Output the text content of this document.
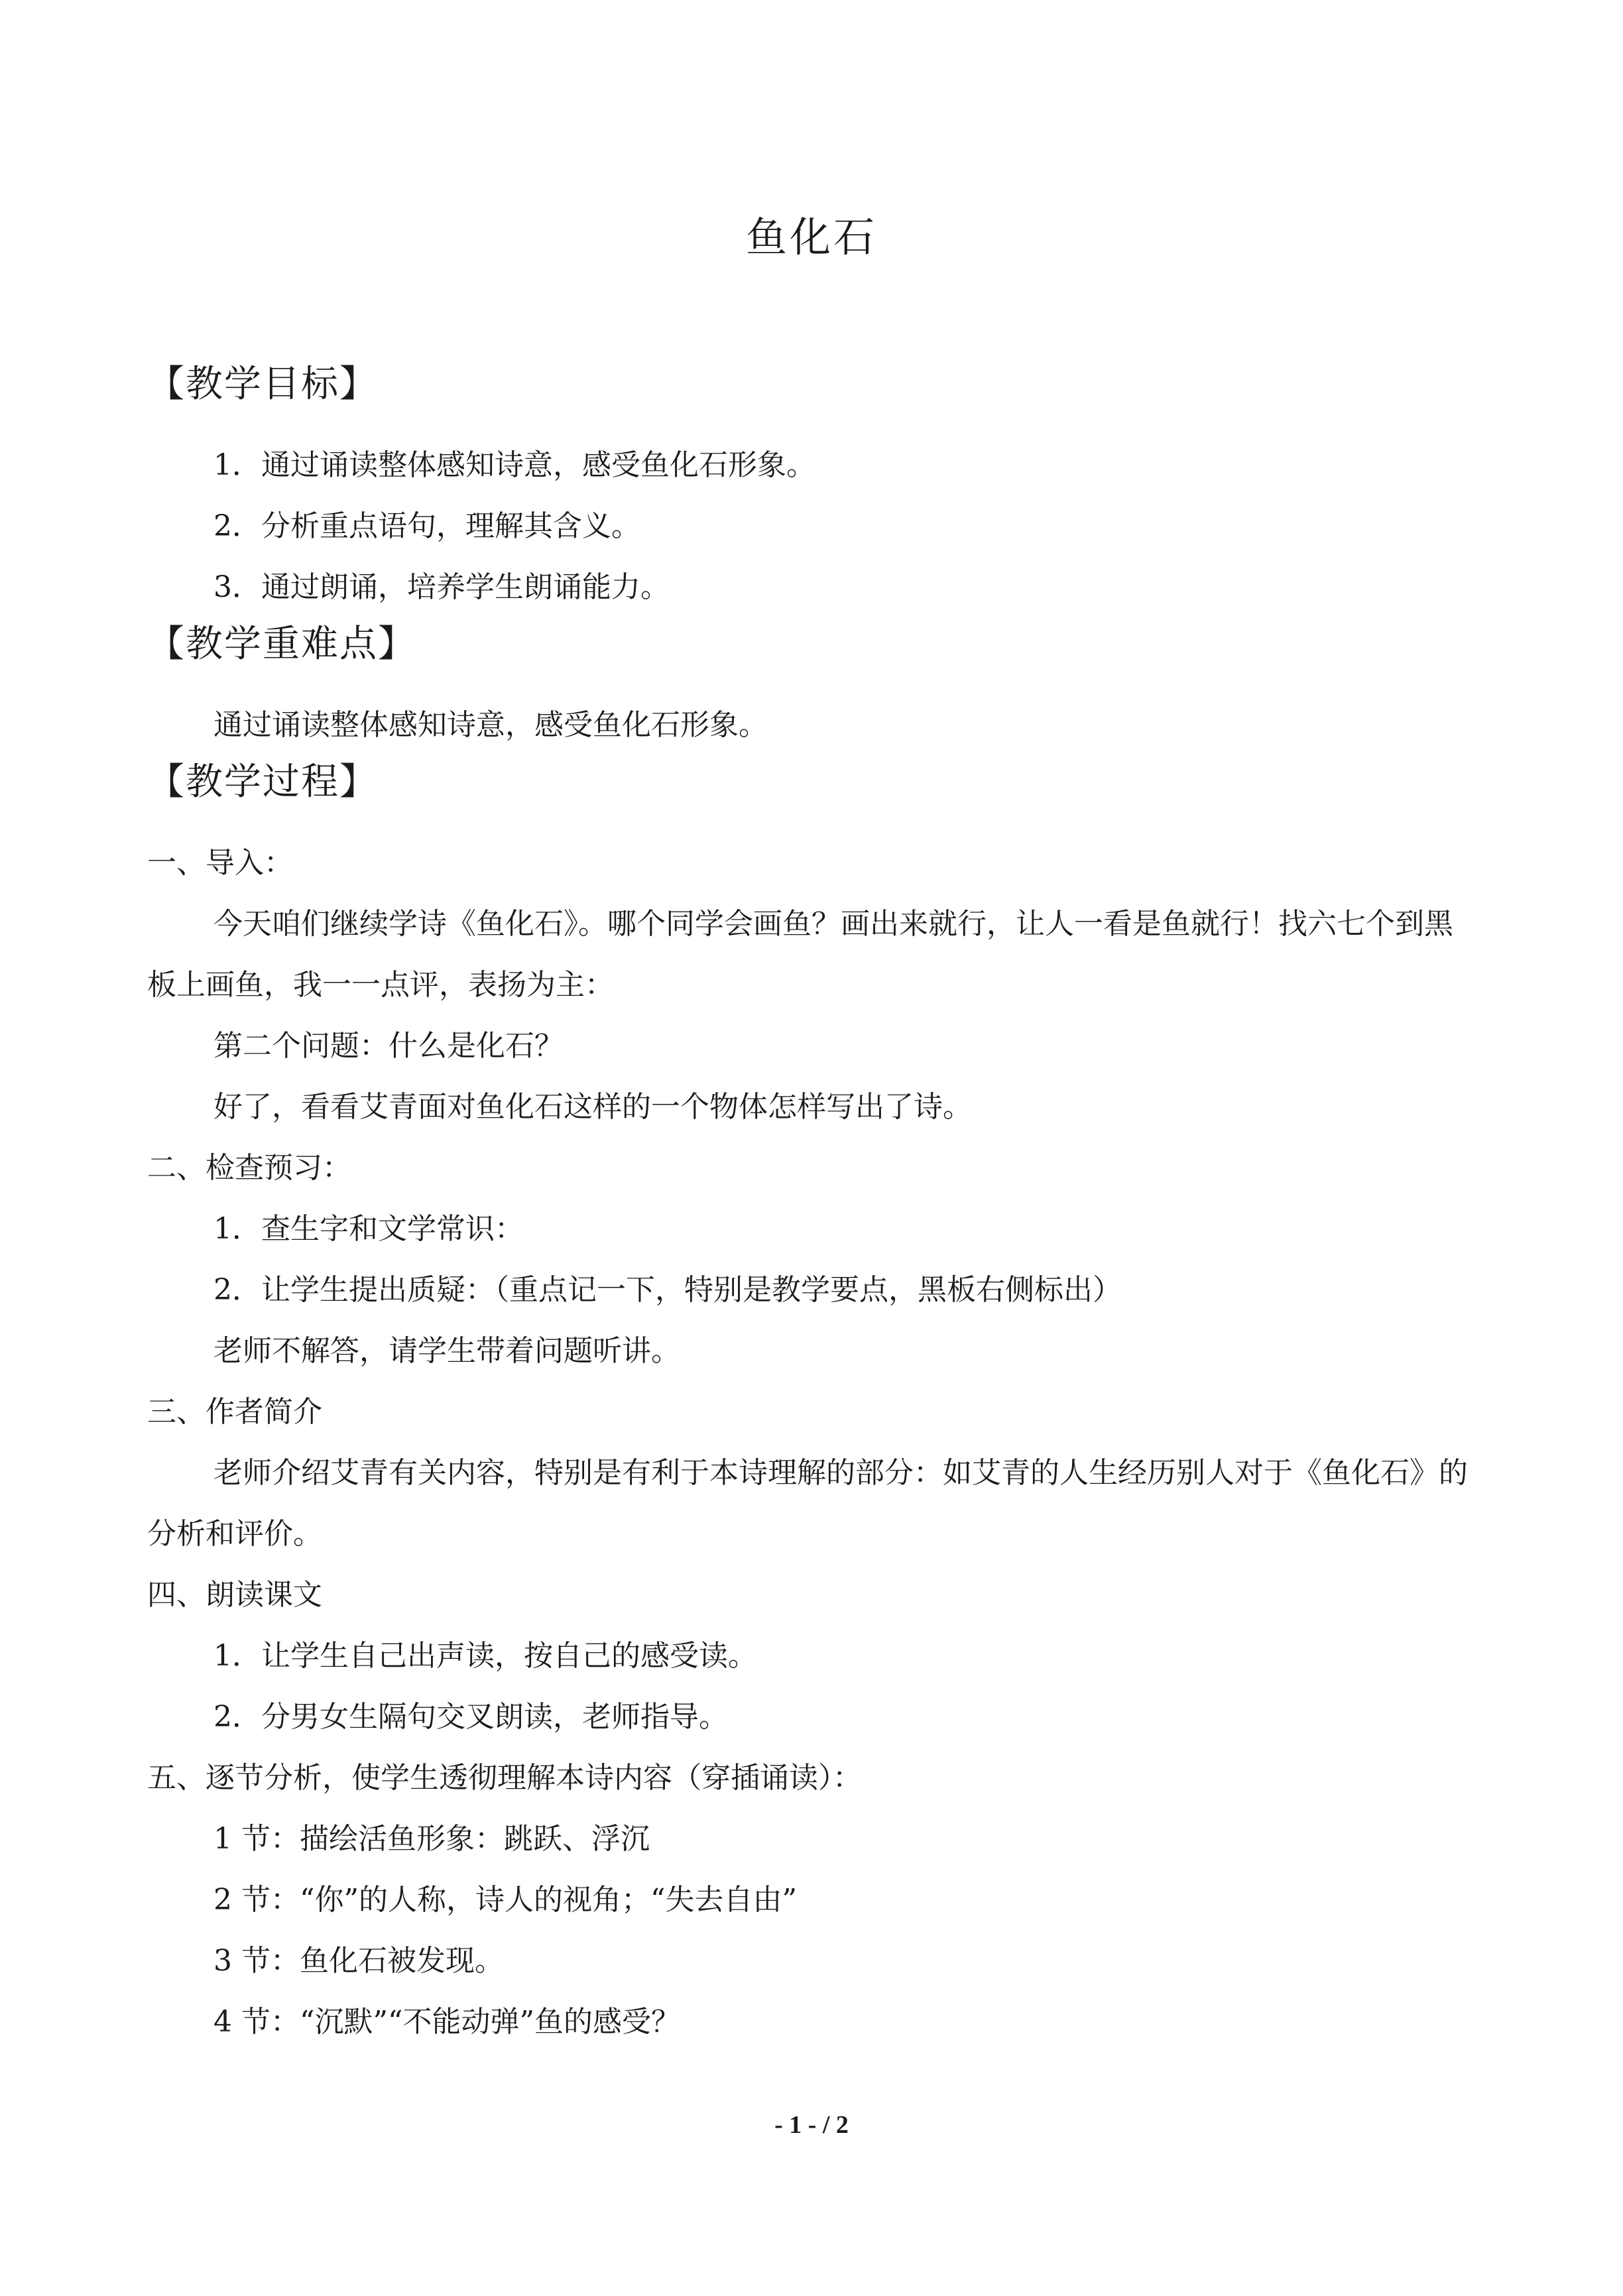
鱼化石

【教学目标】

1．通过诵读整体感知诗意，感受鱼化石形象。

2．分析重点语句，理解其含义。

3．通过朗诵，培养学生朗诵能力。

【教学重难点】

通过诵读整体感知诗意，感受鱼化石形象。

【教学过程】

一、导入：

今天咱们继续学诗《鱼化石》。哪个同学会画鱼？画出来就行，让人一看是鱼就行！找六七个到黑板上画鱼，我一一点评，表扬为主：

第二个问题：什么是化石？

好了，看看艾青面对鱼化石这样的一个物体怎样写出了诗。

二、检查预习：

1．查生字和文学常识：

2．让学生提出质疑：（重点记一下，特别是教学要点，黑板右侧标出）

老师不解答，请学生带着问题听讲。

三、作者简介

老师介绍艾青有关内容，特别是有利于本诗理解的部分：如艾青的人生经历别人对于《鱼化石》的分析和评价。

四、朗读课文

1．让学生自己出声读，按自己的感受读。

2．分男女生隔句交叉朗读，老师指导。

五、逐节分析，使学生透彻理解本诗内容（穿插诵读）：

1 节：描绘活鱼形象：跳跃、浮沉

2 节：“你”的人称，诗人的视角；“失去自由”

3 节：鱼化石被发现。

4 节：“沉默”“不能动弹”鱼的感受？

- 1 - / 2
